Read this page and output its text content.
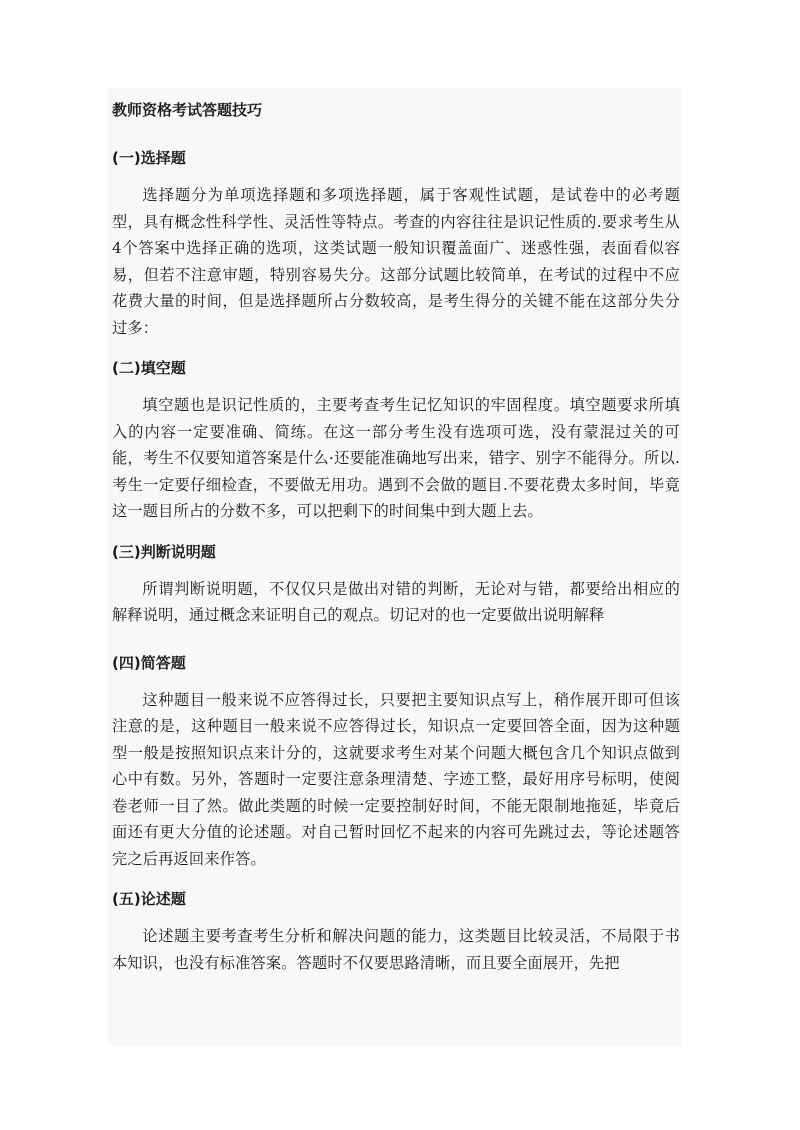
教师资格考试答题技巧
(一)选择题

选择题分为单项选择题和多项选择题，属于客观性试题，是试卷中的必考题型，具有概念性科学性、灵活性等特点。考查的内容往往是识记性质的.要求考生从4个答案中选择正确的选项，这类试题一般知识覆盖面广、迷惑性强，表面看似容易，但若不注意审题，特别容易失分。这部分试题比较简单，在考试的过程中不应花费大量的时间，但是选择题所占分数较高，是考生得分的关键不能在这部分失分过多：

(二)填空题

填空题也是识记性质的，主要考查考生记忆知识的牢固程度。填空题要求所填入的内容一定要准确、简练。在这一部分考生没有选项可选，没有蒙混过关的可能，考生不仅要知道答案是什么·还要能准确地写出来，错字、别字不能得分。所以.考生一定要仔细检查，不要做无用功。遇到不会做的题目.不要花费太多时间，毕竟这一题目所占的分数不多，可以把剩下的时间集中到大题上去。

(三)判断说明题

所谓判断说明题，不仅仅只是做出对错的判断，无论对与错，都要给出相应的解释说明，通过概念来证明自己的观点。切记对的也一定要做出说明解释

(四)简答题

这种题目一般来说不应答得过长，只要把主要知识点写上，稍作展开即可但该注意的是，这种题目一般来说不应答得过长，知识点一定要回答全面，因为这种题型一般是按照知识点来计分的，这就要求考生对某个问题大概包含几个知识点做到心中有数。另外，答题时一定要注意条理清楚、字迹工整，最好用序号标明，使阅卷老师一目了然。做此类题的时候一定要控制好时间，不能无限制地拖延，毕竟后面还有更大分值的论述题。对自己暂时回忆不起来的内容可先跳过去，等论述题答完之后再返回来作答。

(五)论述题

论述题主要考查考生分析和解决问题的能力，这类题目比较灵活，不局限于书本知识，也没有标准答案。答题时不仅要思路清晰，而且要全面展开，先把
